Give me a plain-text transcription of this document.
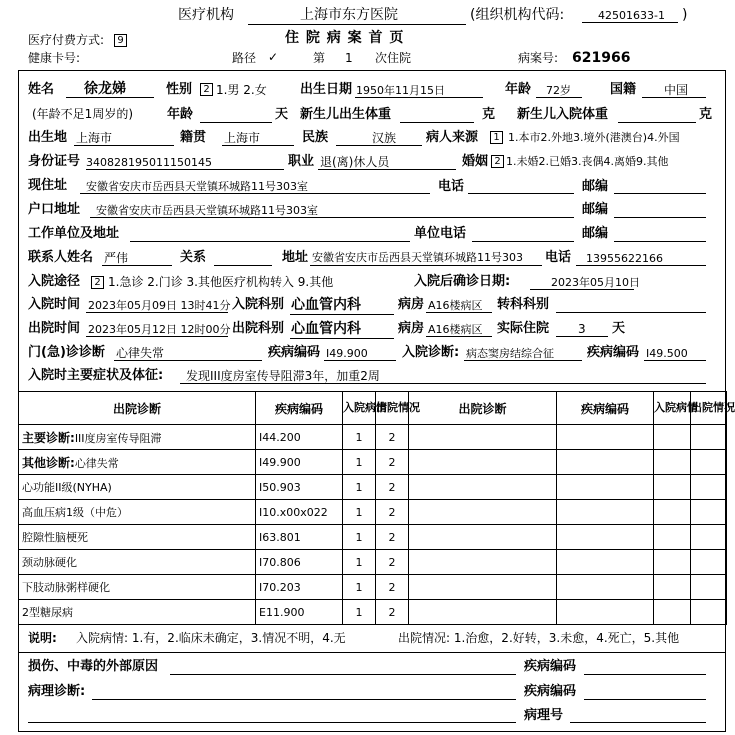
医疗机构	上海市东方医院	(组织机构代码:	42501633-1 )
医疗付费方式:	9	住 院 病 案 首 页
健康卡号:	路径 ✓	第 1 次住院	病案号: 621966
姓名 徐龙娣	性别	2 1.男 2.女	出生日期 1950年11月15日	年龄 72岁	国籍 中国
(年龄不足1周岁的)	年龄	天 新生儿出生体重	克 新生儿入院体重	克
出生地 上海市	籍贯 上海市	民族	汉族 病人来源	1 1.本市2.外地3.境外(港澳台)4.外国
身份证号 340828195011150145	职业 退(离)休人员	婚姻 2 1.未婚2.已婚3.丧偶4.离婚9.其他
现住址 安徽省安庆市岳西县天堂镇环城路11号303室	电话	邮编
户口地址 安徽省安庆市岳西县天堂镇环城路11号303室	邮编
工作单位及地址	单位电话	邮编
联系人姓名 严伟	关系	地址 安徽省安庆市岳西县天堂镇环城路11号303	电话 13955622166
入院途径	2 1.急诊 2.门诊 3.其他医疗机构转入 9.其他	入院后确诊日期:	2023年05月10日
入院时间 2023年05月09日 13时41分 入院科别 心血管内科	病房 A16楼病区 转科科别
出院时间 2023年05月12日 12时00分 出院科别 心血管内科	病房 A16楼病区 实际住院 3 天
门(急)诊诊断 心律失常	疾病编码 I49.900	入院诊断: 病态窦房结综合征	疾病编码 I49.500
入院时主要症状及体征: 发现III度房室传导阻滞3年，加重2周
出院诊断	疾病编码	入院病情	出院情况	出院诊断	疾病编码	入院病情	出院情况
主要诊断:III度房室传导阻滞	I44.200	1	2				
其他诊断:心律失常	I49.900	1	2				
心功能II级(NYHA)	I50.903	1	2				
高血压病1级（中危）	I10.x00x022	1	2				
腔隙性脑梗死	I63.801	1	2				
颈动脉硬化	I70.806	1	2				
下肢动脉粥样硬化	I70.203	1	2				
2型糖尿病	E11.900	1	2				
说明: 入院病情: 1.有，2.临床未确定，3.情况不明，4.无	出院情况: 1.治愈，2.好转，3.未愈，4.死亡，5.其他
损伤、中毒的外部原因	疾病编码
病理诊断:	疾病编码
病理号
